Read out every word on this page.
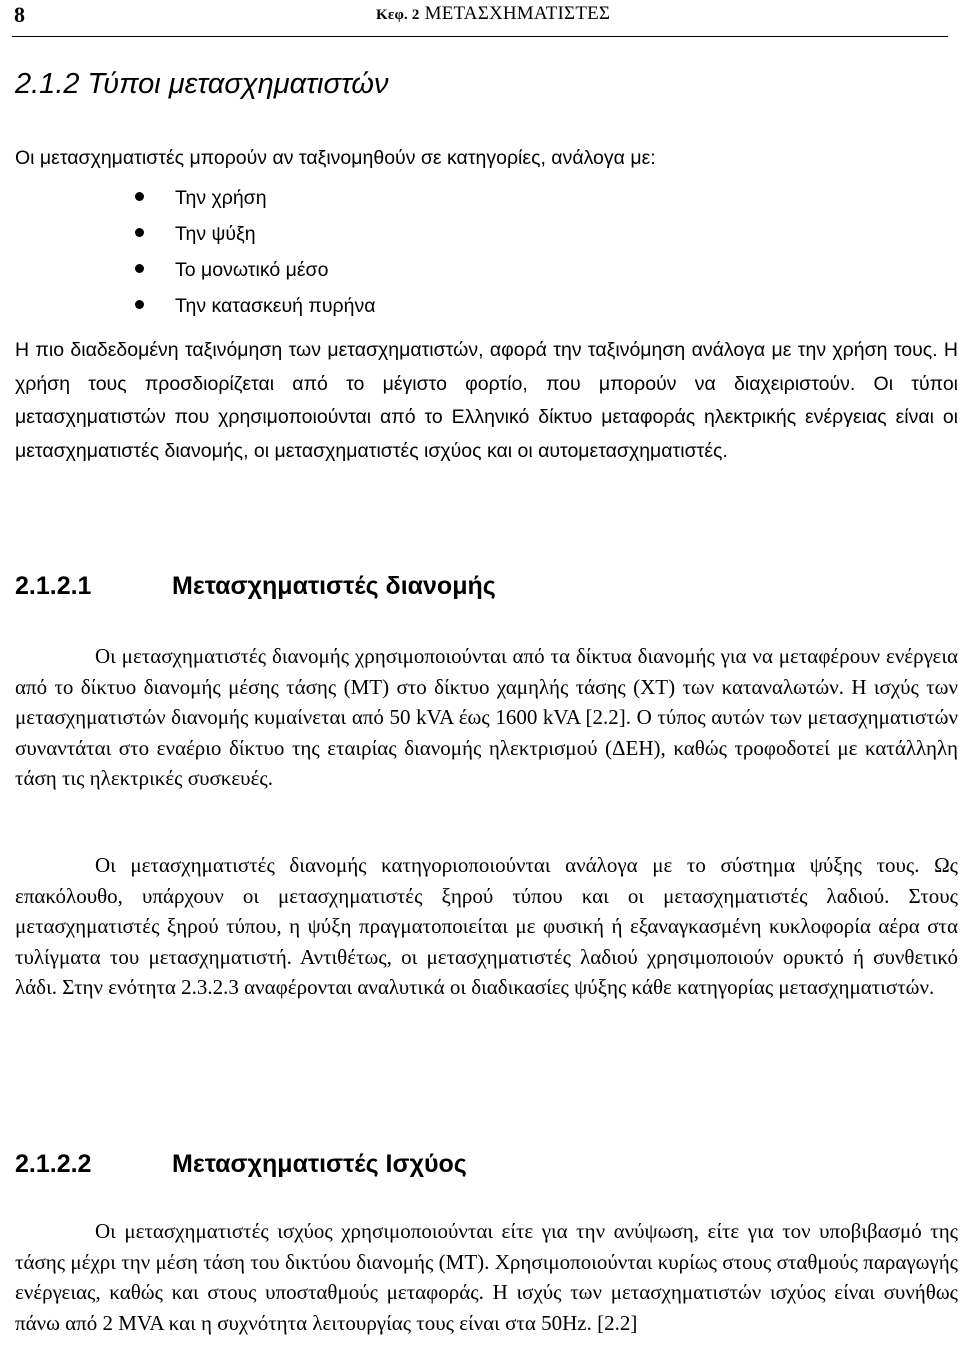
8	Κεφ. 2 ΜΕΤΑΣΧΗΜΑΤΙΣΤΕΣ
2.1.2 Τύποι μετασχηματιστών

Οι μετασχηματιστές μπορούν αν ταξινομηθούν σε κατηγορίες, ανάλογα με:

Την χρήση
Την ψύξη
Το μονωτικό μέσο
Την κατασκευή πυρήνα

Η πιο διαδεδομένη ταξινόμηση των μετασχηματιστών, αφορά την ταξινόμηση ανάλογα με την χρήση τους. Η χρήση τους προσδιορίζεται από το μέγιστο φορτίο, που μπορούν να διαχειριστούν. Οι τύποι μετασχηματιστών που χρησιμοποιούνται από το Ελληνικό δίκτυο μεταφοράς ηλεκτρικής ενέργειας είναι οι μετασχηματιστές διανομής, οι μετασχηματιστές ισχύος και οι αυτομετασχηματιστές.

2.1.2.1	Μετασχηματιστές διανομής

Οι μετασχηματιστές διανομής χρησιμοποιούνται από τα δίκτυα διανομής για να μεταφέρουν ενέργεια από το δίκτυο διανομής μέσης τάσης (ΜΤ) στο δίκτυο χαμηλής τάσης (ΧΤ) των καταναλωτών. Η ισχύς των μετασχηματιστών διανομής κυμαίνεται από 50 kVA έως 1600 kVA [2.2]. Ο τύπος αυτών των μετασχηματιστών συναντάται στο εναέριο δίκτυο της εταιρίας διανομής ηλεκτρισμού (ΔΕΗ), καθώς τροφοδοτεί με κατάλληλη τάση τις ηλεκτρικές συσκευές.

Οι μετασχηματιστές διανομής κατηγοριοποιούνται ανάλογα με το σύστημα ψύξης τους. Ως επακόλουθο, υπάρχουν οι μετασχηματιστές ξηρού τύπου και οι μετασχηματιστές λαδιού. Στους μετασχηματιστές ξηρού τύπου, η ψύξη πραγματοποιείται με φυσική ή εξαναγκασμένη κυκλοφορία αέρα στα τυλίγματα του μετασχηματιστή. Αντιθέτως, οι μετασχηματιστές λαδιού χρησιμοποιούν ορυκτό ή συνθετικό λάδι. Στην ενότητα 2.3.2.3 αναφέρονται αναλυτικά οι διαδικασίες ψύξης κάθε κατηγορίας μετασχηματιστών.

2.1.2.2	Μετασχηματιστές Ισχύος

Οι μετασχηματιστές ισχύος χρησιμοποιούνται είτε για την ανύψωση, είτε για τον υποβιβασμό της τάσης μέχρι την μέση τάση του δικτύου διανομής (ΜΤ). Χρησιμοποιούνται κυρίως στους σταθμούς παραγωγής ενέργειας, καθώς και στους υποσταθμούς μεταφοράς. Η ισχύς των μετασχηματιστών ισχύος είναι συνήθως πάνω από 2 MVA και η συχνότητα λειτουργίας τους είναι στα 50Hz. [2.2]
